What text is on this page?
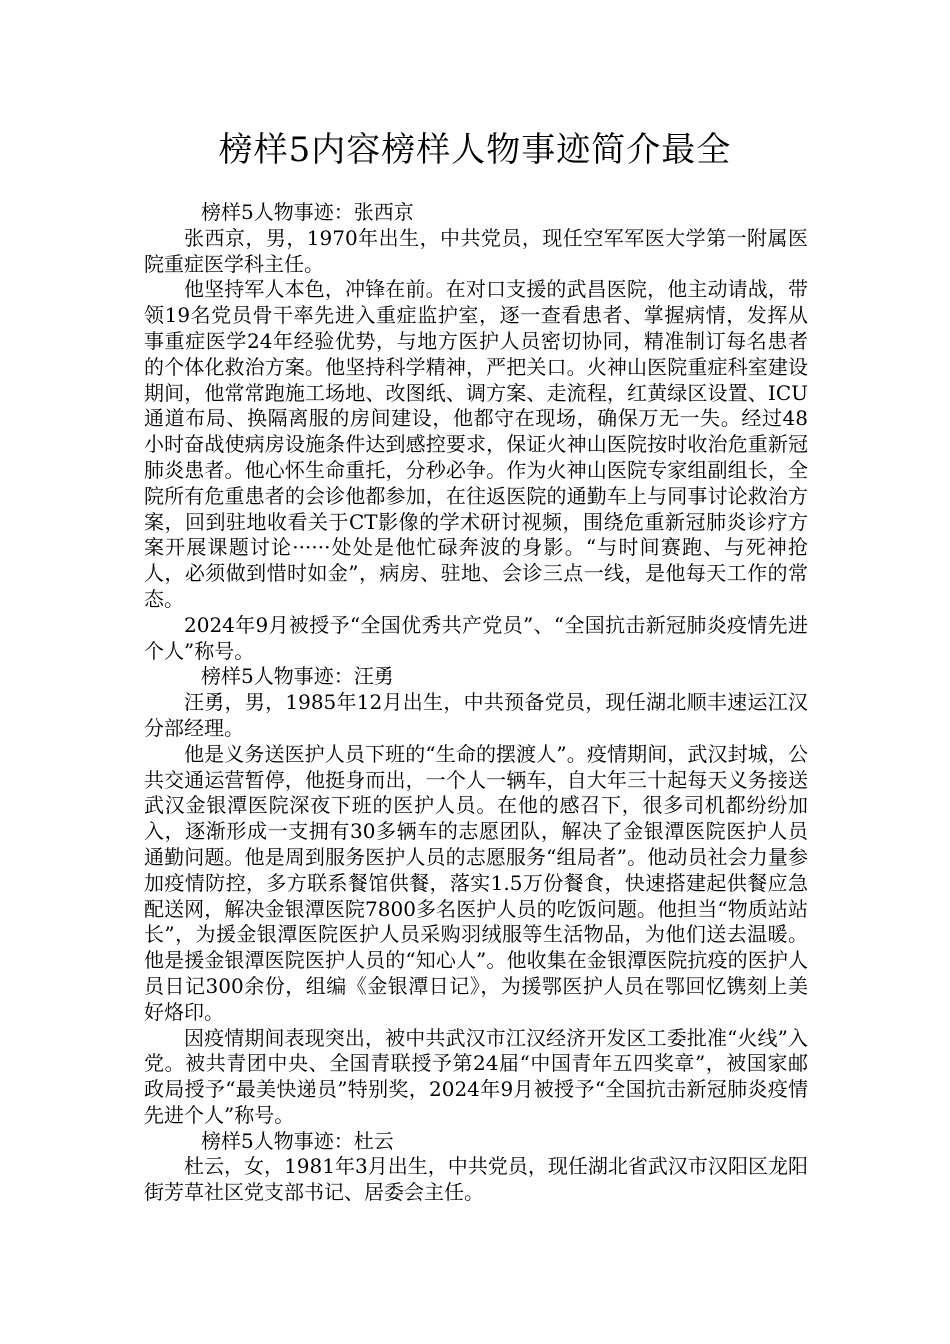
榜样5内容榜样人物事迹简介最全

榜样5人物事迹：张西京

张西京，男，1970年出生，中共党员，现任空军军医大学第一附属医院重症医学科主任。

他坚持军人本色，冲锋在前。在对口支援的武昌医院，他主动请战，带领19名党员骨干率先进入重症监护室，逐一查看患者、掌握病情，发挥从事重症医学24年经验优势，与地方医护人员密切协同，精准制订每名患者的个体化救治方案。他坚持科学精神，严把关口。火神山医院重症科室建设期间，他常常跑施工场地、改图纸、调方案、走流程，红黄绿区设置、ICU通道布局、换隔离服的房间建设，他都守在现场，确保万无一失。经过48小时奋战使病房设施条件达到感控要求，保证火神山医院按时收治危重新冠肺炎患者。他心怀生命重托，分秒必争。作为火神山医院专家组副组长，全院所有危重患者的会诊他都参加，在往返医院的通勤车上与同事讨论救治方案，回到驻地收看关于CT影像的学术研讨视频，围绕危重新冠肺炎诊疗方案开展课题讨论······处处是他忙碌奔波的身影。“与时间赛跑、与死神抢人，必须做到惜时如金”，病房、驻地、会诊三点一线，是他每天工作的常态。

2024年9月被授予“全国优秀共产党员”、“全国抗击新冠肺炎疫情先进个人”称号。

榜样5人物事迹：汪勇

汪勇，男，1985年12月出生，中共预备党员，现任湖北顺丰速运江汉分部经理。

他是义务送医护人员下班的“生命的摆渡人”。疫情期间，武汉封城，公共交通运营暂停，他挺身而出，一个人一辆车，自大年三十起每天义务接送武汉金银潭医院深夜下班的医护人员。在他的感召下，很多司机都纷纷加入，逐渐形成一支拥有30多辆车的志愿团队，解决了金银潭医院医护人员通勤问题。他是周到服务医护人员的志愿服务“组局者”。他动员社会力量参加疫情防控，多方联系餐馆供餐，落实1.5万份餐食，快速搭建起供餐应急配送网，解决金银潭医院7800多名医护人员的吃饭问题。他担当“物质站站长”，为援金银潭医院医护人员采购羽绒服等生活物品，为他们送去温暖。他是援金银潭医院医护人员的“知心人”。他收集在金银潭医院抗疫的医护人员日记300余份，组编《金银潭日记》，为援鄂医护人员在鄂回忆镌刻上美好烙印。

因疫情期间表现突出，被中共武汉市江汉经济开发区工委批准“火线”入党。被共青团中央、全国青联授予第24届“中国青年五四奖章”，被国家邮政局授予“最美快递员”特别奖，2024年9月被授予“全国抗击新冠肺炎疫情先进个人”称号。

榜样5人物事迹：杜云

杜云，女，1981年3月出生，中共党员，现任湖北省武汉市汉阳区龙阳街芳草社区党支部书记、居委会主任。
